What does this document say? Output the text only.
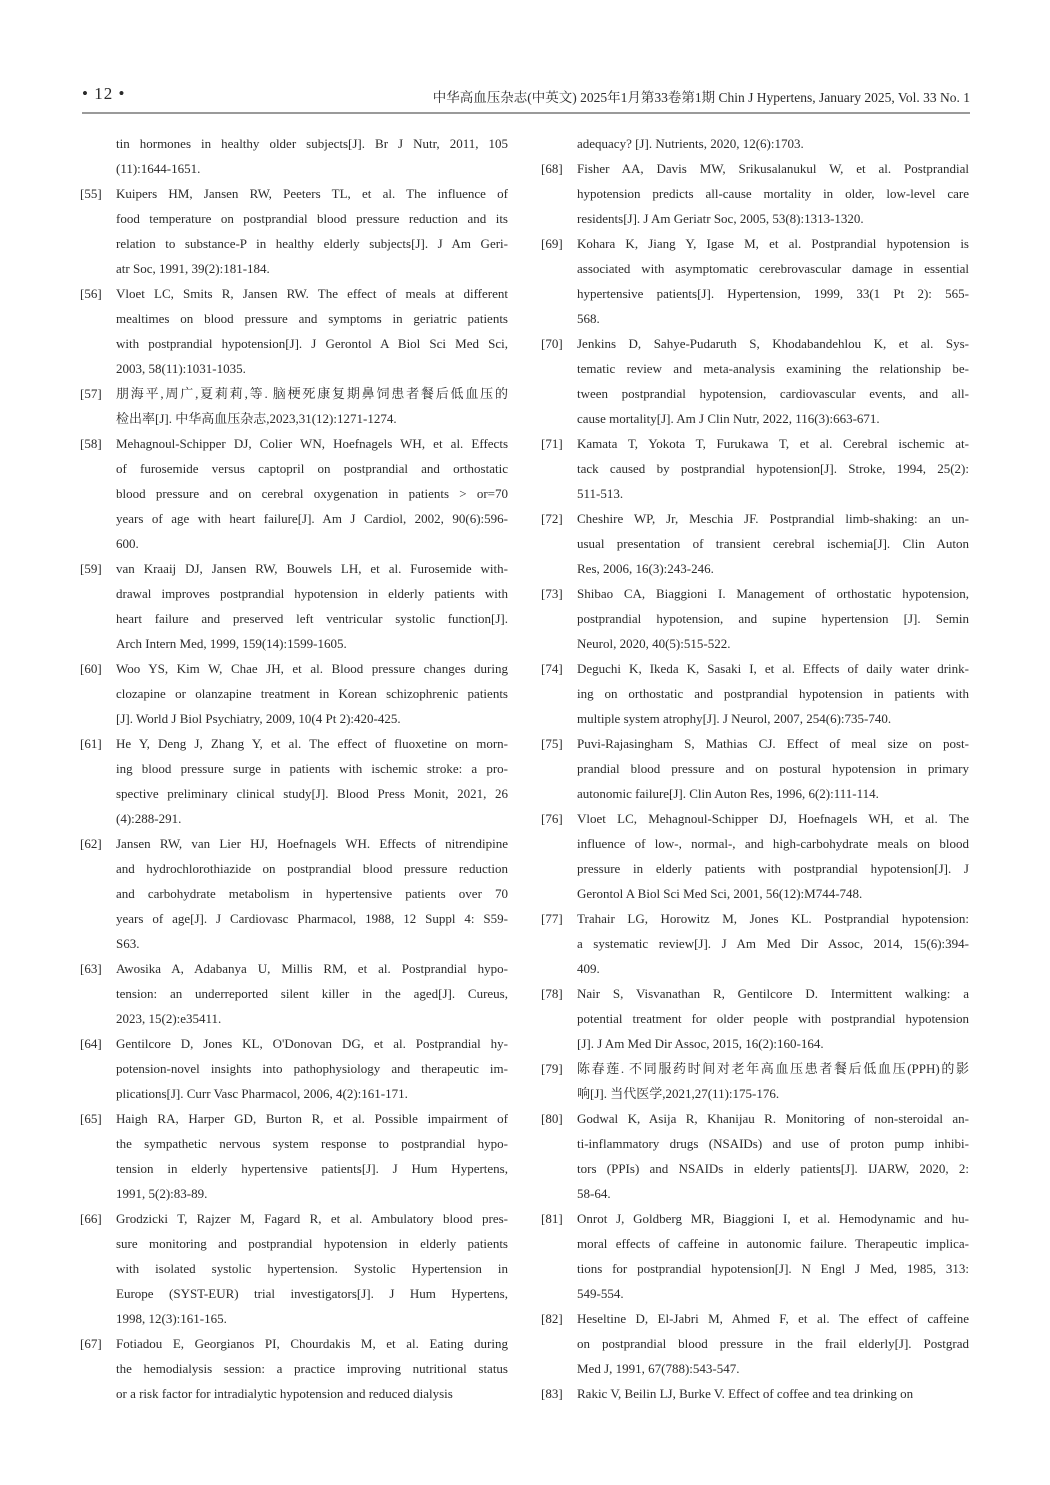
• 12 •	中华高血压杂志(中英文) 2025年1月第33卷第1期 Chin J Hypertens, January 2025, Vol. 33 No. 1
tin hormones in healthy older subjects[J]. Br J Nutr, 2011, 105
(11):1644-1651.
[55] Kuipers HM, Jansen RW, Peeters TL, et al. The influence of
food temperature on postprandial blood pressure reduction and its
relation to substance-P in healthy elderly subjects[J]. J Am Geri-
atr Soc, 1991, 39(2):181-184.
[56] Vloet LC, Smits R, Jansen RW. The effect of meals at different
mealtimes on blood pressure and symptoms in geriatric patients
with postprandial hypotension[J]. J Gerontol A Biol Sci Med Sci,
2003, 58(11):1031-1035.
[57] 朋海平,周广,夏莉莉,等. 脑梗死康复期鼻饲患者餐后低血压的
检出率[J]. 中华高血压杂志,2023,31(12):1271-1274.
[58] Mehagnoul-Schipper DJ, Colier WN, Hoefnagels WH, et al. Effects
of furosemide versus captopril on postprandial and orthostatic
blood pressure and on cerebral oxygenation in patients > or=70
years of age with heart failure[J]. Am J Cardiol, 2002, 90(6):596-
600.
[59] van Kraaij DJ, Jansen RW, Bouwels LH, et al. Furosemide with-
drawal improves postprandial hypotension in elderly patients with
heart failure and preserved left ventricular systolic function[J].
Arch Intern Med, 1999, 159(14):1599-1605.
[60] Woo YS, Kim W, Chae JH, et al. Blood pressure changes during
clozapine or olanzapine treatment in Korean schizophrenic patients
[J]. World J Biol Psychiatry, 2009, 10(4 Pt 2):420-425.
[61] He Y, Deng J, Zhang Y, et al. The effect of fluoxetine on morn-
ing blood pressure surge in patients with ischemic stroke: a pro-
spective preliminary clinical study[J]. Blood Press Monit, 2021, 26
(4):288-291.
[62] Jansen RW, van Lier HJ, Hoefnagels WH. Effects of nitrendipine
and hydrochlorothiazide on postprandial blood pressure reduction
and carbohydrate metabolism in hypertensive patients over 70
years of age[J]. J Cardiovasc Pharmacol, 1988, 12 Suppl 4: S59-
S63.
[63] Awosika A, Adabanya U, Millis RM, et al. Postprandial hypo-
tension: an underreported silent killer in the aged[J]. Cureus,
2023, 15(2):e35411.
[64] Gentilcore D, Jones KL, O'Donovan DG, et al. Postprandial hy-
potension-novel insights into pathophysiology and therapeutic im-
plications[J]. Curr Vasc Pharmacol, 2006, 4(2):161-171.
[65] Haigh RA, Harper GD, Burton R, et al. Possible impairment of
the sympathetic nervous system response to postprandial hypo-
tension in elderly hypertensive patients[J]. J Hum Hypertens,
1991, 5(2):83-89.
[66] Grodzicki T, Rajzer M, Fagard R, et al. Ambulatory blood pres-
sure monitoring and postprandial hypotension in elderly patients
with isolated systolic hypertension. Systolic Hypertension in
Europe (SYST-EUR) trial investigators[J]. J Hum Hypertens,
1998, 12(3):161-165.
[67] Fotiadou E, Georgianos PI, Chourdakis M, et al. Eating during
the hemodialysis session: a practice improving nutritional status
or a risk factor for intradialytic hypotension and reduced dialysis
adequacy? [J]. Nutrients, 2020, 12(6):1703.
[68] Fisher AA, Davis MW, Srikusalanukul W, et al. Postprandial
hypotension predicts all-cause mortality in older, low-level care
residents[J]. J Am Geriatr Soc, 2005, 53(8):1313-1320.
[69] Kohara K, Jiang Y, Igase M, et al. Postprandial hypotension is
associated with asymptomatic cerebrovascular damage in essential
hypertensive patients[J]. Hypertension, 1999, 33(1 Pt 2): 565-
568.
[70] Jenkins D, Sahye-Pudaruth S, Khodabandehlou K, et al. Sys-
tematic review and meta-analysis examining the relationship be-
tween postprandial hypotension, cardiovascular events, and all-
cause mortality[J]. Am J Clin Nutr, 2022, 116(3):663-671.
[71] Kamata T, Yokota T, Furukawa T, et al. Cerebral ischemic at-
tack caused by postprandial hypotension[J]. Stroke, 1994, 25(2):
511-513.
[72] Cheshire WP, Jr, Meschia JF. Postprandial limb-shaking: an un-
usual presentation of transient cerebral ischemia[J]. Clin Auton
Res, 2006, 16(3):243-246.
[73] Shibao CA, Biaggioni I. Management of orthostatic hypotension,
postprandial hypotension, and supine hypertension [J]. Semin
Neurol, 2020, 40(5):515-522.
[74] Deguchi K, Ikeda K, Sasaki I, et al. Effects of daily water drink-
ing on orthostatic and postprandial hypotension in patients with
multiple system atrophy[J]. J Neurol, 2007, 254(6):735-740.
[75] Puvi-Rajasingham S, Mathias CJ. Effect of meal size on post-
prandial blood pressure and on postural hypotension in primary
autonomic failure[J]. Clin Auton Res, 1996, 6(2):111-114.
[76] Vloet LC, Mehagnoul-Schipper DJ, Hoefnagels WH, et al. The
influence of low-, normal-, and high-carbohydrate meals on blood
pressure in elderly patients with postprandial hypotension[J]. J
Gerontol A Biol Sci Med Sci, 2001, 56(12):M744-748.
[77] Trahair LG, Horowitz M, Jones KL. Postprandial hypotension:
a systematic review[J]. J Am Med Dir Assoc, 2014, 15(6):394-
409.
[78] Nair S, Visvanathan R, Gentilcore D. Intermittent walking: a
potential treatment for older people with postprandial hypotension
[J]. J Am Med Dir Assoc, 2015, 16(2):160-164.
[79] 陈春莲. 不同服药时间对老年高血压患者餐后低血压(PPH)的影
响[J]. 当代医学,2021,27(11):175-176.
[80] Godwal K, Asija R, Khanijau R. Monitoring of non-steroidal an-
ti-inflammatory drugs (NSAIDs) and use of proton pump inhibi-
tors (PPIs) and NSAIDs in elderly patients[J]. IJARW, 2020, 2:
58-64.
[81] Onrot J, Goldberg MR, Biaggioni I, et al. Hemodynamic and hu-
moral effects of caffeine in autonomic failure. Therapeutic implica-
tions for postprandial hypotension[J]. N Engl J Med, 1985, 313:
549-554.
[82] Heseltine D, El-Jabri M, Ahmed F, et al. The effect of caffeine
on postprandial blood pressure in the frail elderly[J]. Postgrad
Med J, 1991, 67(788):543-547.
[83] Rakic V, Beilin LJ, Burke V. Effect of coffee and tea drinking on
